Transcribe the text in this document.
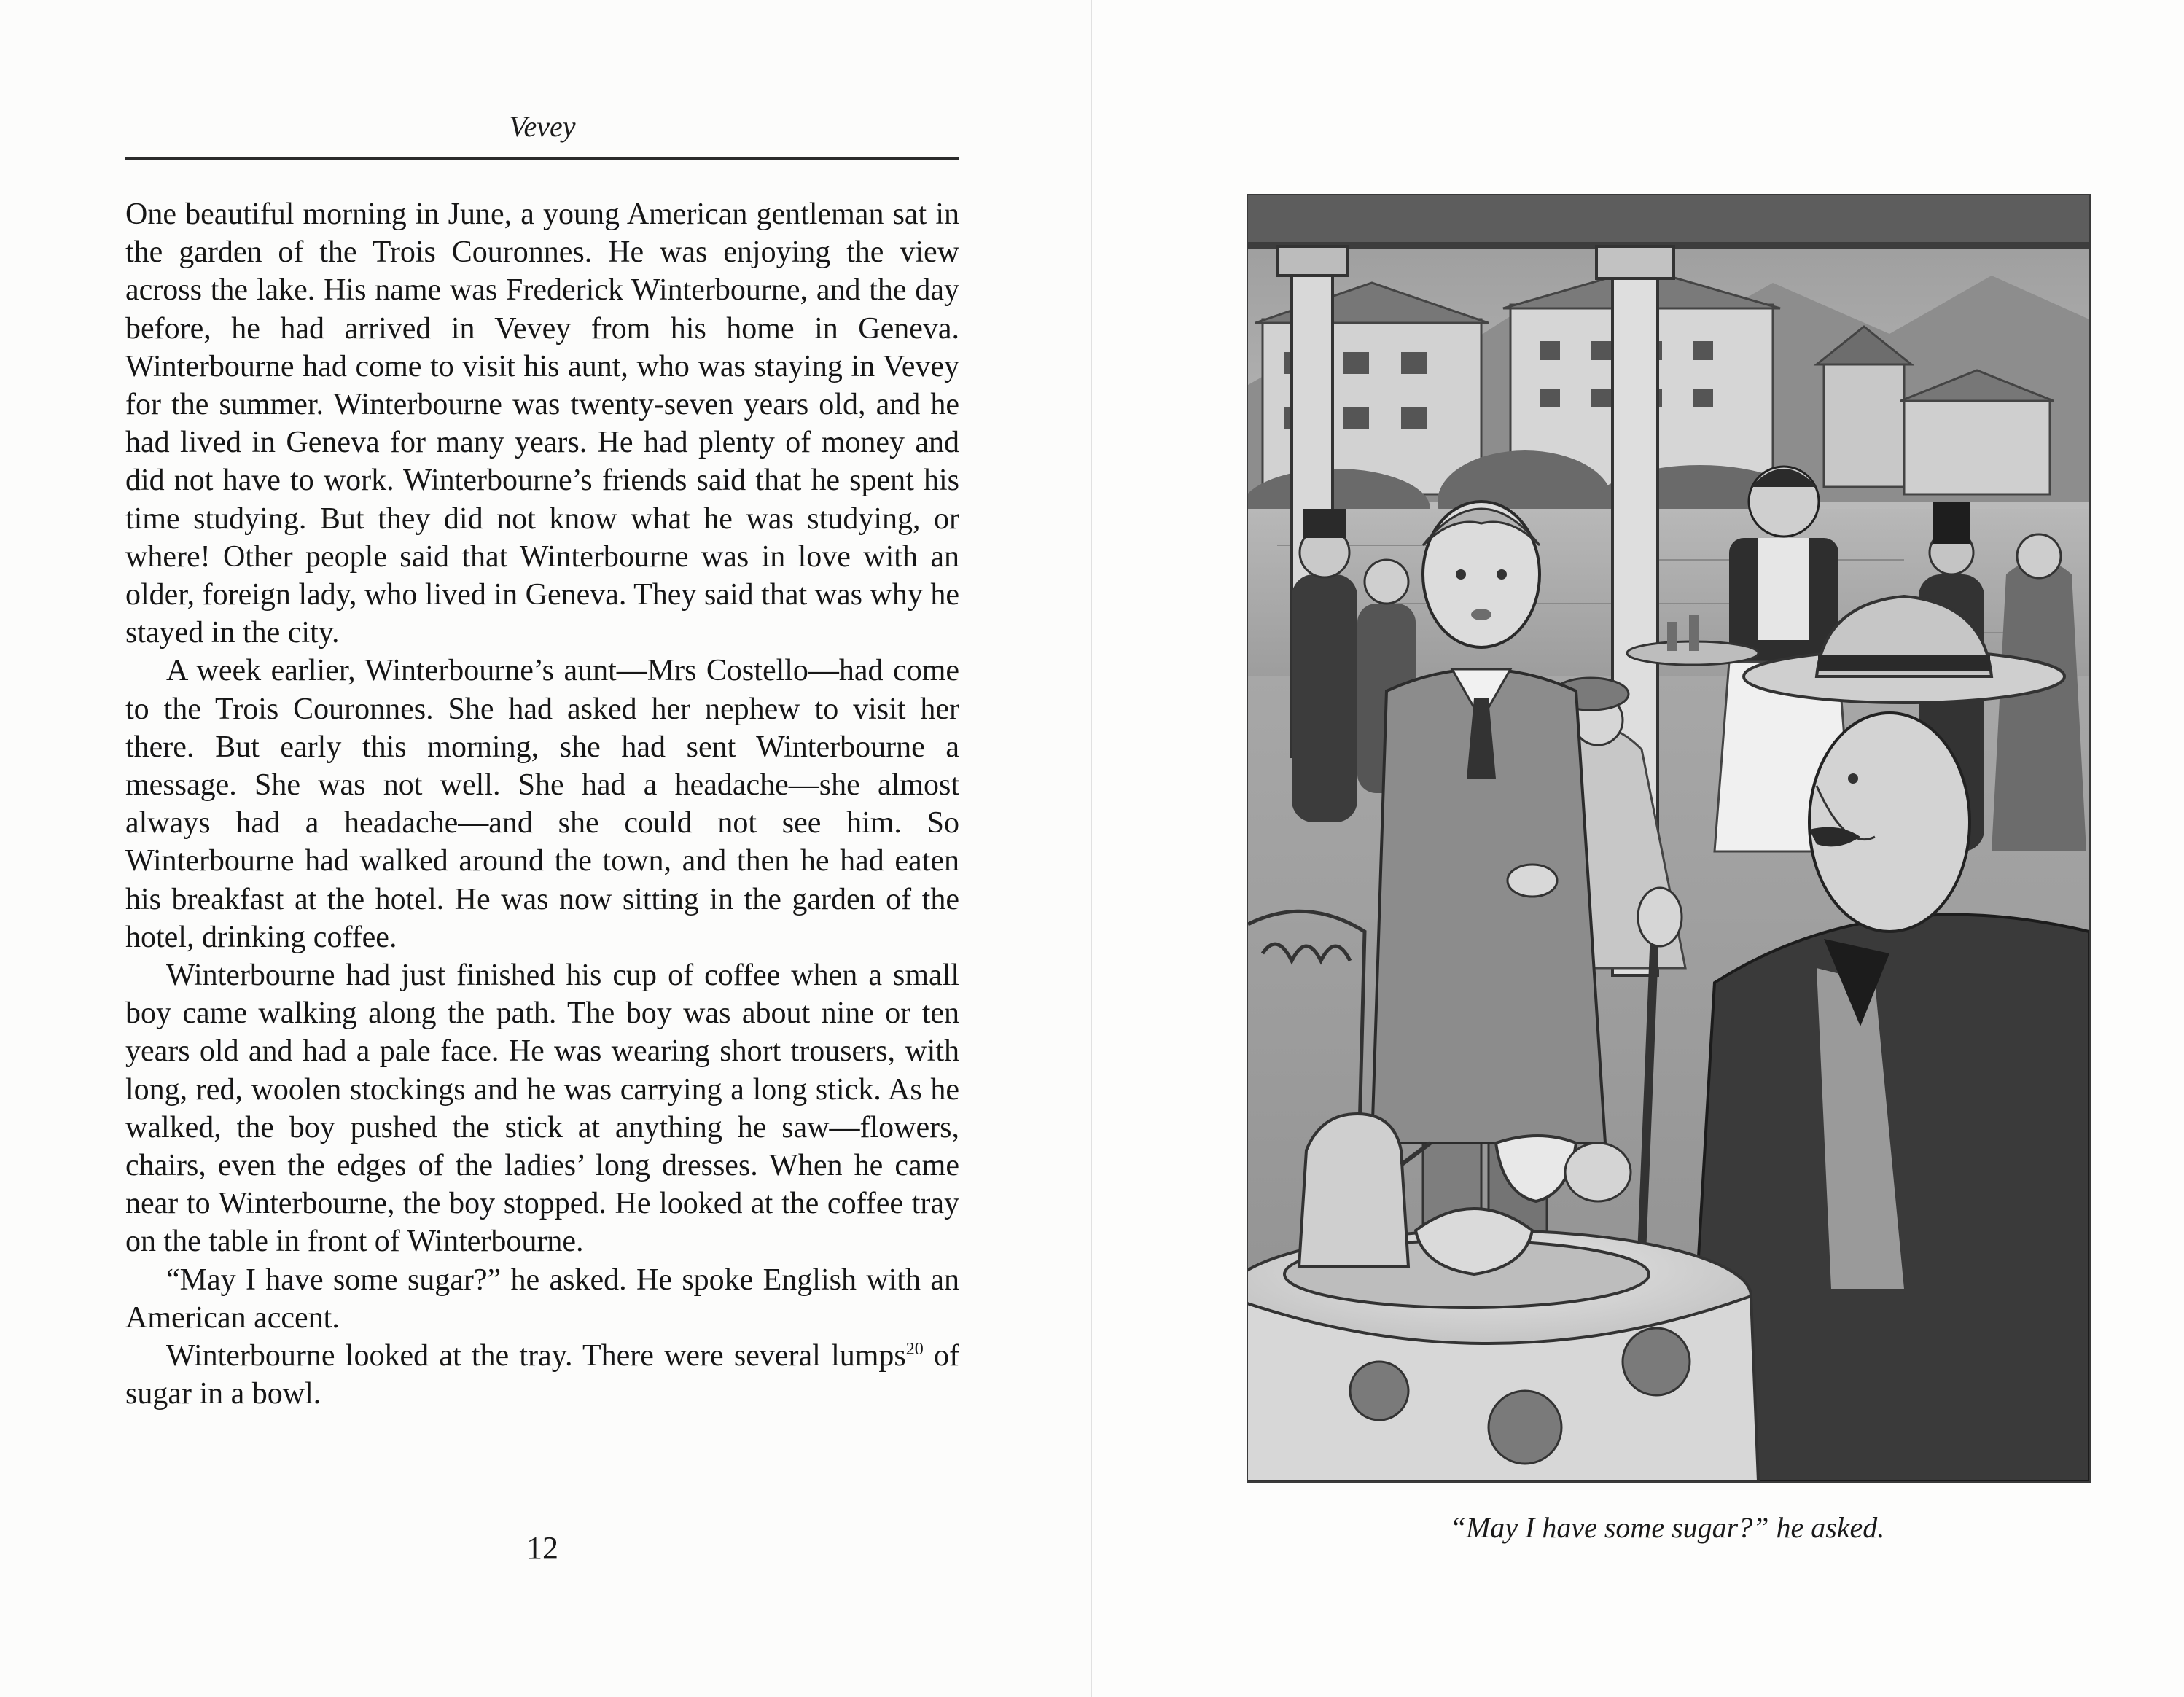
Vevey

One beautiful morning in June, a young American gentleman sat in the garden of the Trois Couronnes. He was enjoying the view across the lake. His name was Frederick Winterbourne, and the day before, he had arrived in Vevey from his home in Geneva. Winterbourne had come to visit his aunt, who was staying in Vevey for the summer. Winterbourne was twenty-seven years old, and he had lived in Geneva for many years. He had plenty of money and did not have to work. Winterbourne’s friends said that he spent his time studying. But they did not know what he was studying, or where! Other people said that Winterbourne was in love with an older, foreign lady, who lived in Geneva. They said that was why he stayed in the city.

A week earlier, Winterbourne’s aunt—Mrs Costello—had come to the Trois Couronnes. She had asked her nephew to visit her there. But early this morning, she had sent Winterbourne a message. She was not well. She had a headache—she almost always had a headache—and she could not see him. So Winterbourne had walked around the town, and then he had eaten his breakfast at the hotel. He was now sitting in the garden of the hotel, drinking coffee.

Winterbourne had just finished his cup of coffee when a small boy came walking along the path. The boy was about nine or ten years old and had a pale face. He was wearing short trousers, with long, red, woolen stockings and he was carrying a long stick. As he walked, the boy pushed the stick at anything he saw—flowers, chairs, even the edges of the ladies’ long dresses. When he came near to Winterbourne, the boy stopped. He looked at the coffee tray on the table in front of Winterbourne.

“May I have some sugar?” he asked. He spoke English with an American accent.

Winterbourne looked at the tray. There were several lumps$^{20}$ of sugar in a bowl.

12
“May I have some sugar?” he asked.
